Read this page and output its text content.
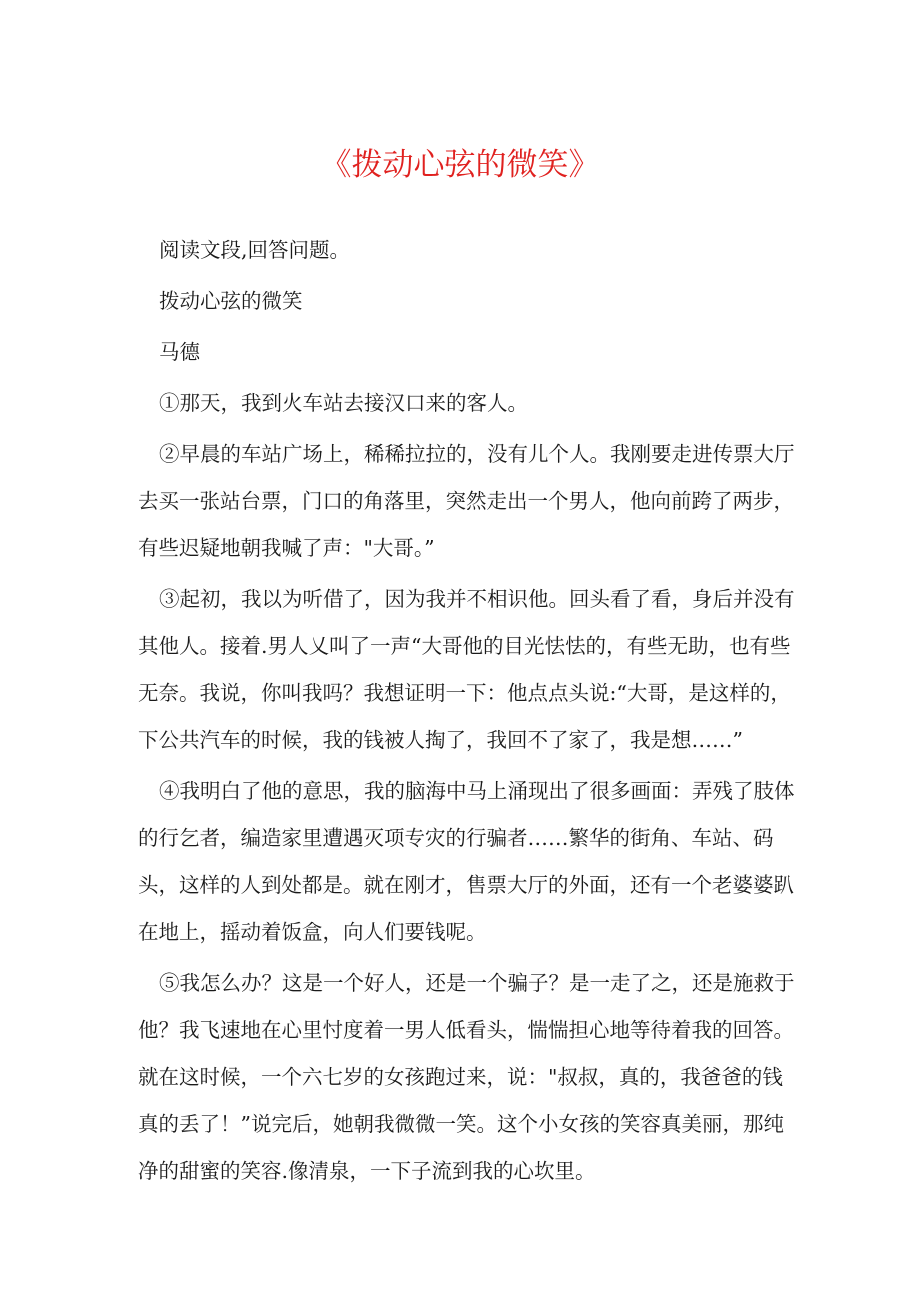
《拨动心弦的微笑》

阅读文段,回答问题。

拨动心弦的微笑

马德

①那天，我到火车站去接汉口来的客人。

②早晨的车站广场上，稀稀拉拉的，没有儿个人。我刚要走进传票大厅去买一张站台票，门口的角落里，突然走出一个男人，他向前跨了两步，有些迟疑地朝我喊了声："大哥。”

③起初，我以为听借了，因为我并不相识他。回头看了看，身后并没有其他人。接着.男人乂叫了一声“大哥他的目光怯怯的，有些无助，也有些无奈。我说，你叫我吗？我想证明一下：他点点头说:“大哥，是这样的，下公共汽车的时候，我的钱被人掏了，我回不了家了，我是想……”

④我明白了他的意思，我的脑海中马上涌现出了很多画面：弄残了肢体的行乞者，编造家里遭遇灭项专灾的行骗者……繁华的街角、车站、码头，这样的人到处都是。就在刚才，售票大厅的外面，还有一个老婆婆趴在地上，摇动着饭盒，向人们要钱呢。

⑤我怎么办？这是一个好人，还是一个骗子？是一走了之，还是施救于他？我飞速地在心里忖度着一男人低看头，惴惴担心地等待着我的回答。就在这时候，一个六七岁的女孩跑过来，说："叔叔，真的，我爸爸的钱真的丢了！”说完后，她朝我微微一笑。这个小女孩的笑容真美丽，那纯净的甜蜜的笑容.像清泉，一下子流到我的心坎里。
